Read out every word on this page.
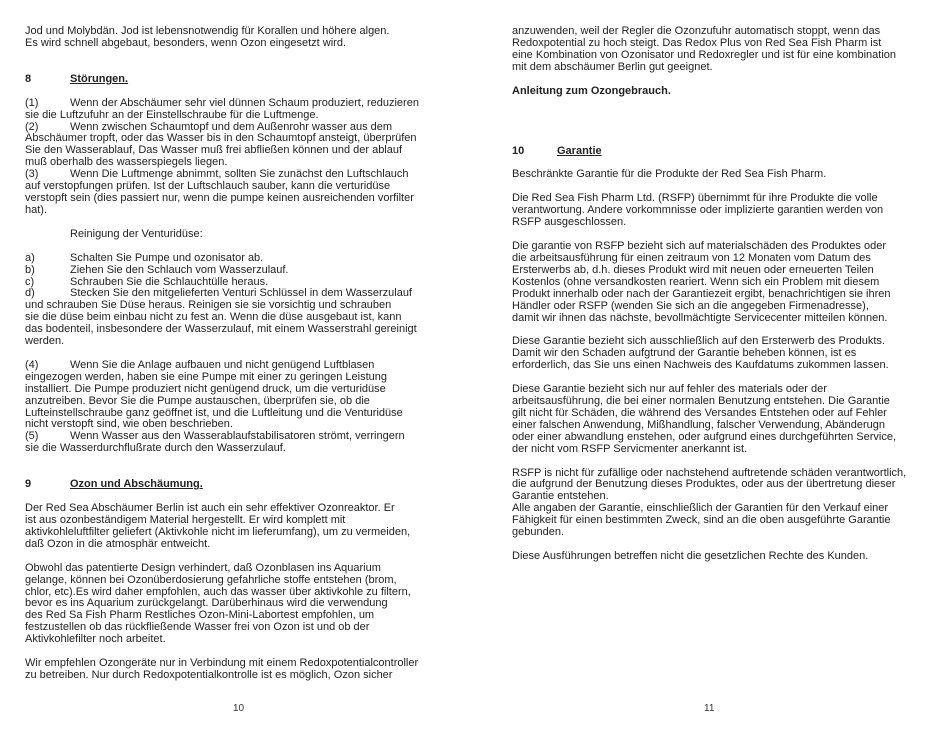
Jod und Molybdän. Jod ist lebensnotwendig für Korallen und höhere algen.
Es wird schnell abgebaut, besonders, wenn Ozon eingesetzt wird.

8	Störungen.

(1)	Wenn der Abschäumer sehr viel dünnen Schaum produziert, reduzieren
sie die Luftzufuhr an der Einstellschraube für die Luftmenge.

(2)	Wenn zwischen Schaumtopf und dem Außenrohr wasser aus dem
Abschäumer tropft, oder das Wasser bis in den Schaumtopf ansteigt, überprüfen
Sie den Wasserablauf, Das Wasser muß frei abfließen können und der ablauf
muß oberhalb des wasserspiegels liegen.

(3)	Wenn Die Luftmenge abnimmt, sollten Sie zunächst den Luftschlauch
auf verstopfungen prüfen. Ist der Luftschlauch sauber, kann die verturidüse
verstopft sein (dies passiert nur, wenn die pumpe keinen ausreichenden vorfilter
hat).

Reinigung der Venturidüse:

a)	Schalten Sie Pumpe und ozonisator ab.

b)	Ziehen Sie den Schlauch vom Wasserzulauf.

c)	Schrauben Sie die Schlauchtülle heraus.

d)	Stecken Sie den mitgelieferten Venturi Schlüssel in dem Wasserzulauf
und schrauben Sie Düse heraus. Reinigen sie sie vorsichtig und schrauben
sie die düse beim einbau nicht zu fest an. Wenn die düse ausgebaut ist, kann
das bodenteil, insbesondere der Wasserzulauf, mit einem Wasserstrahl gereinigt
werden.

(4)	Wenn Sie die Anlage aufbauen und nicht genügend Luftblasen
eingezogen werden, haben sie eine Pumpe mit einer zu geringen Leistung
installiert. Die Pumpe produziert nicht genügend druck, um die verturidüse
anzutreiben. Bevor Sie die Pumpe austauschen, überprüfen sie, ob die
Lufteinstellschraube ganz geöffnet ist, und die Luftleitung und die Venturidüse
nicht verstopft sind, wie oben beschrieben.

(5)	Wenn Wasser aus den Wasserablaufstabilisatoren strömt, verringern
sie die Wasserdurchflußrate durch den Wasserzulauf.

9	Ozon und Abschäumung.

Der Red Sea Abschäumer Berlin ist auch ein sehr effektiver Ozonreaktor. Er
ist aus ozonbeständigem Material hergestellt. Er wird komplett mit
aktivkohleluftfilter geliefert (Aktivkohle nicht im lieferumfang), um zu vermeiden,
daß Ozon in die atmosphär entweicht.

Obwohl das patentierte Design verhindert, daß Ozonblasen ins Aquarium
gelange, können bei Ozonüberdosierung gefahrliche stoffe entstehen (brom,
chlor, etc).Es wird daher empfohlen, auch das wasser über aktivkohle zu filtern,
bevor es ins Aquarium zurückgelangt. Darüberhinaus wird die verwendung
des Red Sa Fish Pharm Restliches Ozon-Mini-Labortest empfohlen, um
festzustellen ob das rückfließende Wasser frei von Ozon ist und ob der
Aktivkohlefilter noch arbeitet.

Wir empfehlen Ozongeräte nur in Verbindung mit einem Redoxpotentialcontroller
zu betreiben. Nur durch Redoxpotentialkontrolle ist es möglich, Ozon sicher

10

anzuwenden, weil der Regler die Ozonzufuhr automatisch stoppt, wenn das
Redoxpotential zu hoch steigt. Das Redox Plus von Red Sea Fish Pharm ist
eine Kombination von Ozonisator und Redoxregler und ist für eine kombination
mit dem abschäumer Berlin gut geeignet.

Anleitung zum Ozongebrauch.

10	Garantie

Beschränkte Garantie für die Produkte der Red Sea Fish Pharm.

Die Red Sea Fish Pharm Ltd. (RSFP) übernimmt für ihre Produkte die volle
verantwortung. Andere vorkommnisse oder implizierte garantien werden von
RSFP ausgeschlossen.

Die garantie von RSFP bezieht sich auf materialschäden des Produktes oder
die arbeitsausführung für einen zeitraum von 12 Monaten vom Datum des
Ersterwerbs ab, d.h. dieses Produkt wird mit neuen oder erneuerten Teilen
Kostenlos (ohne versandkosten reariert. Wenn sich ein Problem mit diesem
Produkt innerhalb oder nach der Garantiezeit ergibt, benachrichtigen sie ihren
Händler oder RSFP (wenden Sie sich an die angegeben Firmenadresse),
damit wir ihnen das nächste, bevollmächtigte Servicecenter mitteilen können.

Diese Garantie bezieht sich ausschließlich auf den Ersterwerb des Produkts.
Damit wir den Schaden aufgtrund der Garantie beheben können, ist es
erforderlich, das Sie uns einen Nachweis des Kaufdatums zukommen lassen.

Diese Garantie bezieht sich nur auf fehler des materials oder der
arbeitsausführung, die bei einer normalen Benutzung entstehen. Die Garantie
gilt nicht für Schäden, die während des Versandes Entstehen oder auf Fehler
einer falschen Anwendung, Mißhandlung, falscher Verwendung, Abänderugn
oder einer abwandlung enstehen, oder aufgrund eines durchgeführten Service,
der nicht vom RSFP Servicmenter anerkannt ist.

RSFP is nicht für zufällige oder nachstehend auftretende schäden verantwortlich,
die aufgrund der Benutzung dieses Produktes, oder aus der übertretung dieser
Garantie entstehen.
Alle angaben der Garantie, einschließlich der Garantien für den Verkauf einer
Fähigkeit für einen bestimmten Zweck, sind an die oben ausgeführte Garantie
gebunden.

Diese Ausführungen betreffen nicht die gesetzlichen Rechte des Kunden.

11
